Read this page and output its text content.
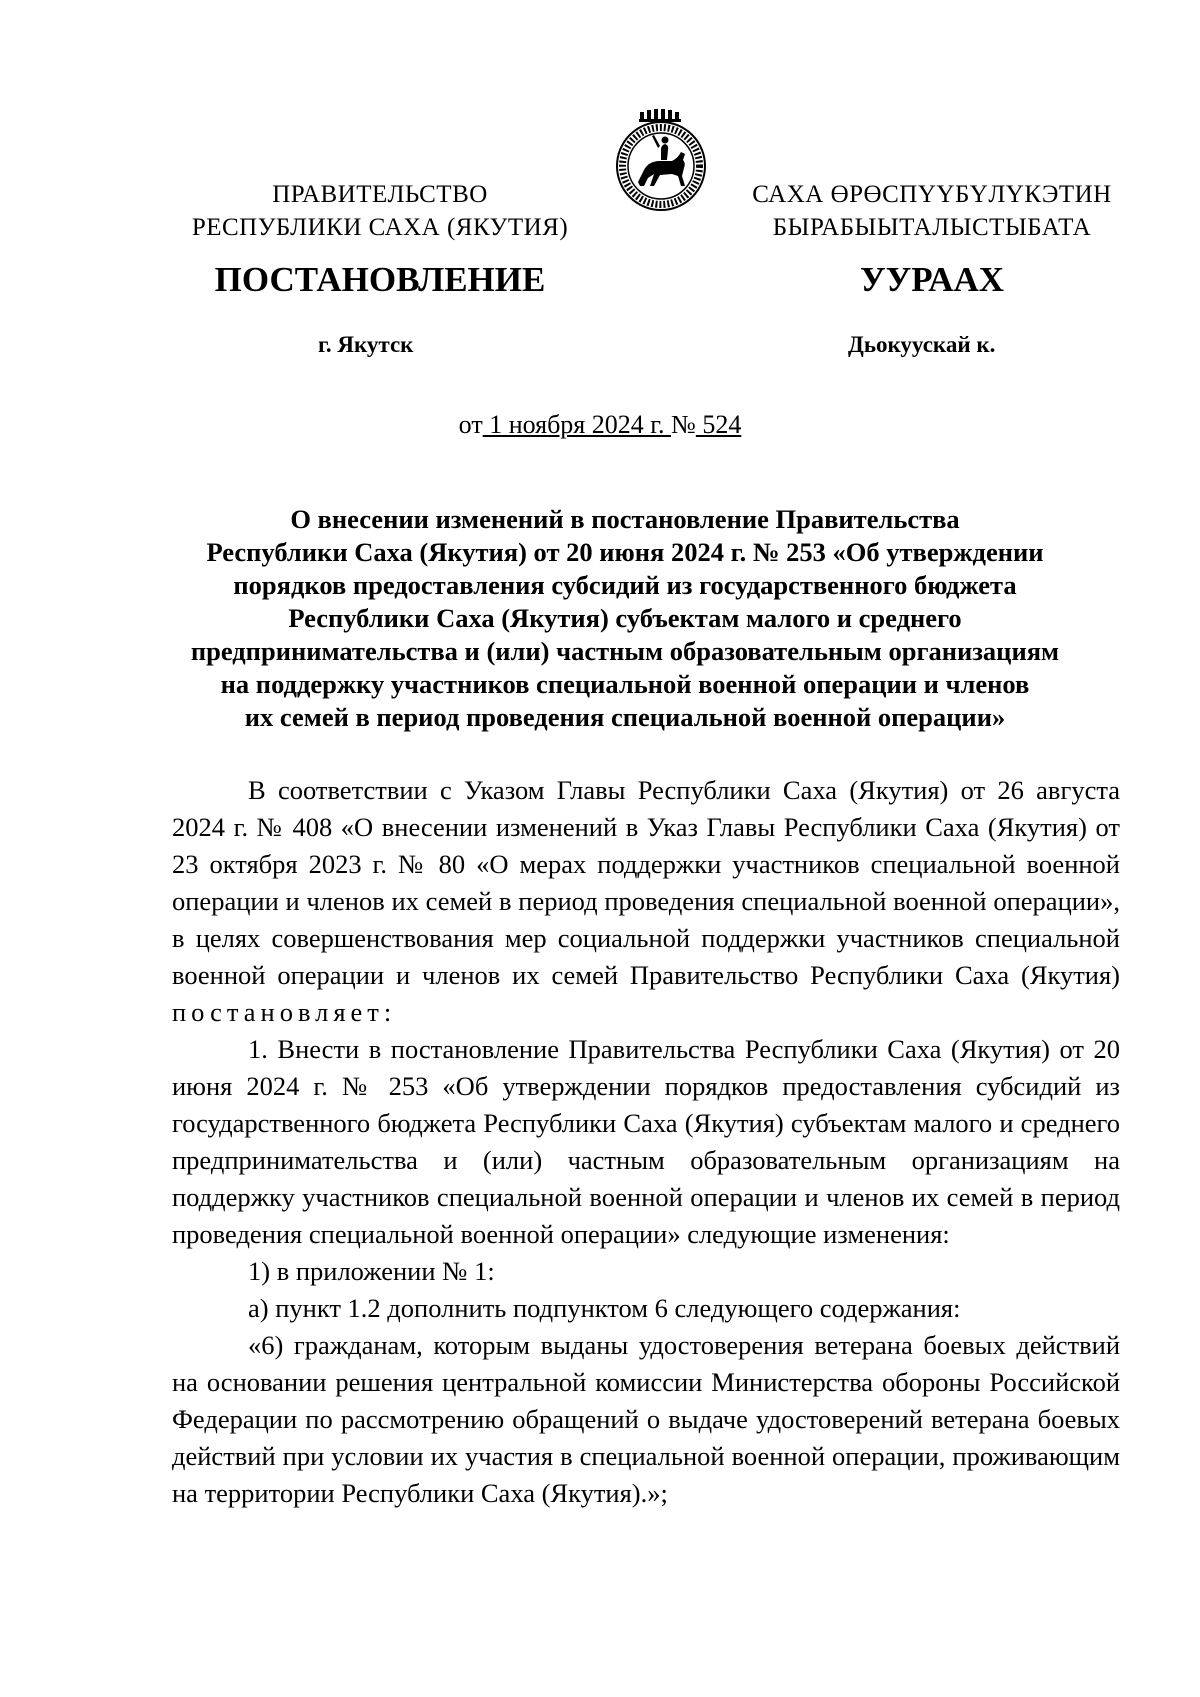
ПРАВИТЕЛЬСТВО
РЕСПУБЛИКИ САХА (ЯКУТИЯ)
САХА ӨРӨСПYYБYЛYКЭТИН
БЫРАБЫЫТАЛЫСТЫБАТА
ПОСТАНОВЛЕНИЕ	УУРААХ
г. Якутск	Дьокуускай к.
от 1 ноября 2024 г. № 524
О внесении изменений в постановление Правительства
Республики Саха (Якутия) от 20 июня 2024 г. № 253 «Об утверждении
порядков предоставления субсидий из государственного бюджета
Республики Саха (Якутия) субъектам малого и среднего
предпринимательства и (или) частным образовательным организациям
на поддержку участников специальной военной операции и членов
их семей в период проведения специальной военной операции»

В соответствии с Указом Главы Республики Саха (Якутия) от 26 августа 2024 г. № 408 «О внесении изменений в Указ Главы Республики Саха (Якутия) от 23 октября 2023 г. № 80 «О мерах поддержки участников специальной военной операции и членов их семей в период проведения специальной военной операции», в целях совершенствования мер социальной поддержки участников специальной военной операции и членов их семей Правительство Республики Саха (Якутия) постановляет:

1. Внести в постановление Правительства Республики Саха (Якутия) от 20 июня 2024 г. № 253 «Об утверждении порядков предоставления субсидий из государственного бюджета Республики Саха (Якутия) субъектам малого и среднего предпринимательства и (или) частным образовательным организациям на поддержку участников специальной военной операции и членов их семей в период проведения специальной военной операции» следующие изменения:

1) в приложении № 1:

а) пункт 1.2 дополнить подпунктом 6 следующего содержания:

«6) гражданам, которым выданы удостоверения ветерана боевых действий на основании решения центральной комиссии Министерства обороны Российской Федерации по рассмотрению обращений о выдаче удостоверений ветерана боевых действий при условии их участия в специальной военной операции, проживающим на территории Республики Саха (Якутия).»;
